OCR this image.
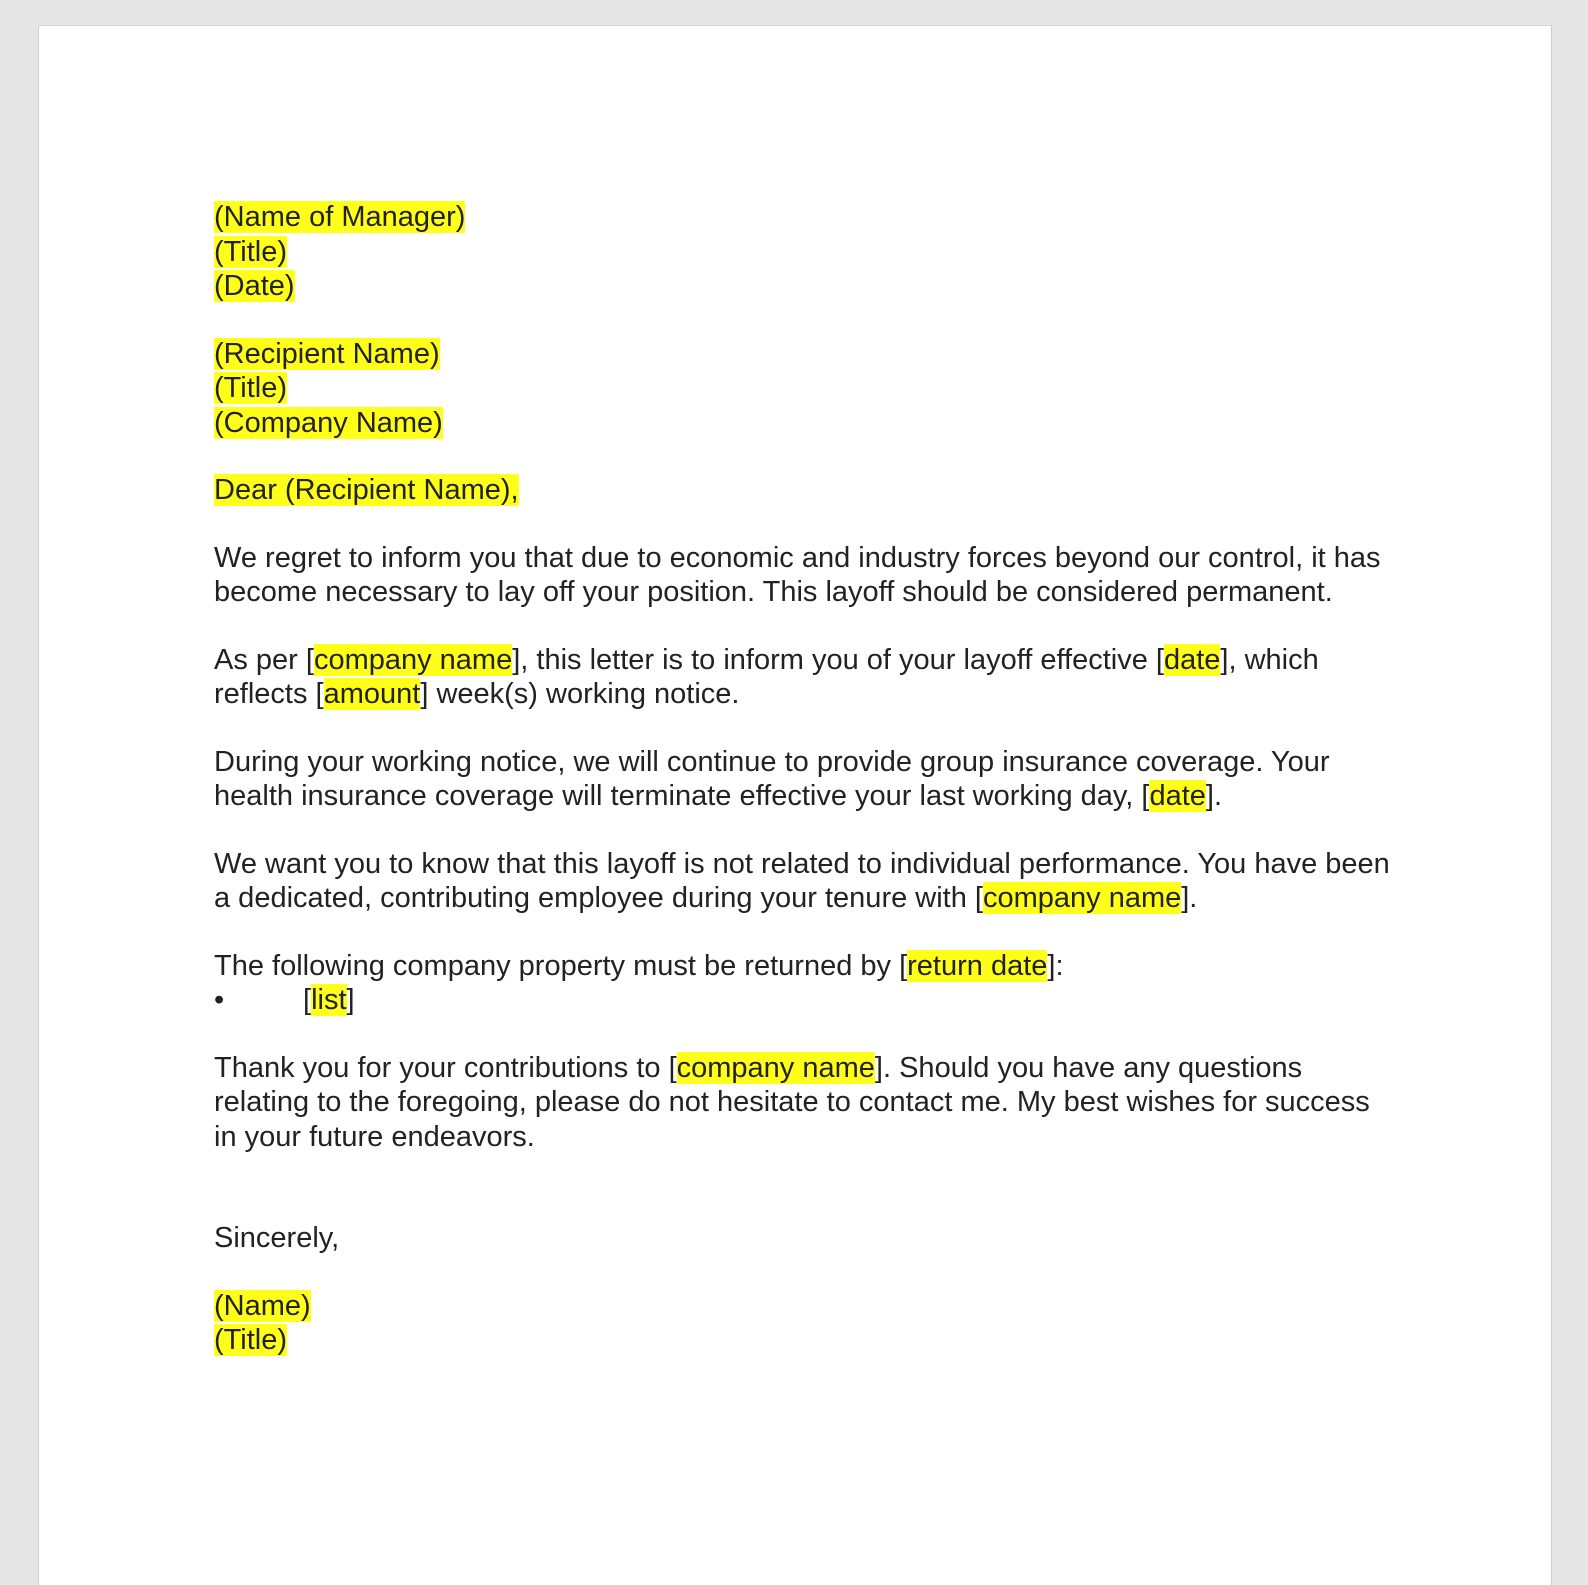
(Name of Manager)
(Title)
(Date)

(Recipient Name)
(Title)
(Company Name)

Dear (Recipient Name),

We regret to inform you that due to economic and industry forces beyond our control, it has become necessary to lay off your position. This layoff should be considered permanent.

As per [company name], this letter is to inform you of your layoff effective [date], which reflects [amount] week(s) working notice.

During your working notice, we will continue to provide group insurance coverage. Your health insurance coverage will terminate effective your last working day, [date].

We want you to know that this layoff is not related to individual performance. You have been a dedicated, contributing employee during your tenure with [company name].

The following company property must be returned by [return date]:

•	[list]

Thank you for your contributions to [company name]. Should you have any questions relating to the foregoing, please do not hesitate to contact me. My best wishes for success in your future endeavors.

Sincerely,

(Name)
(Title)
